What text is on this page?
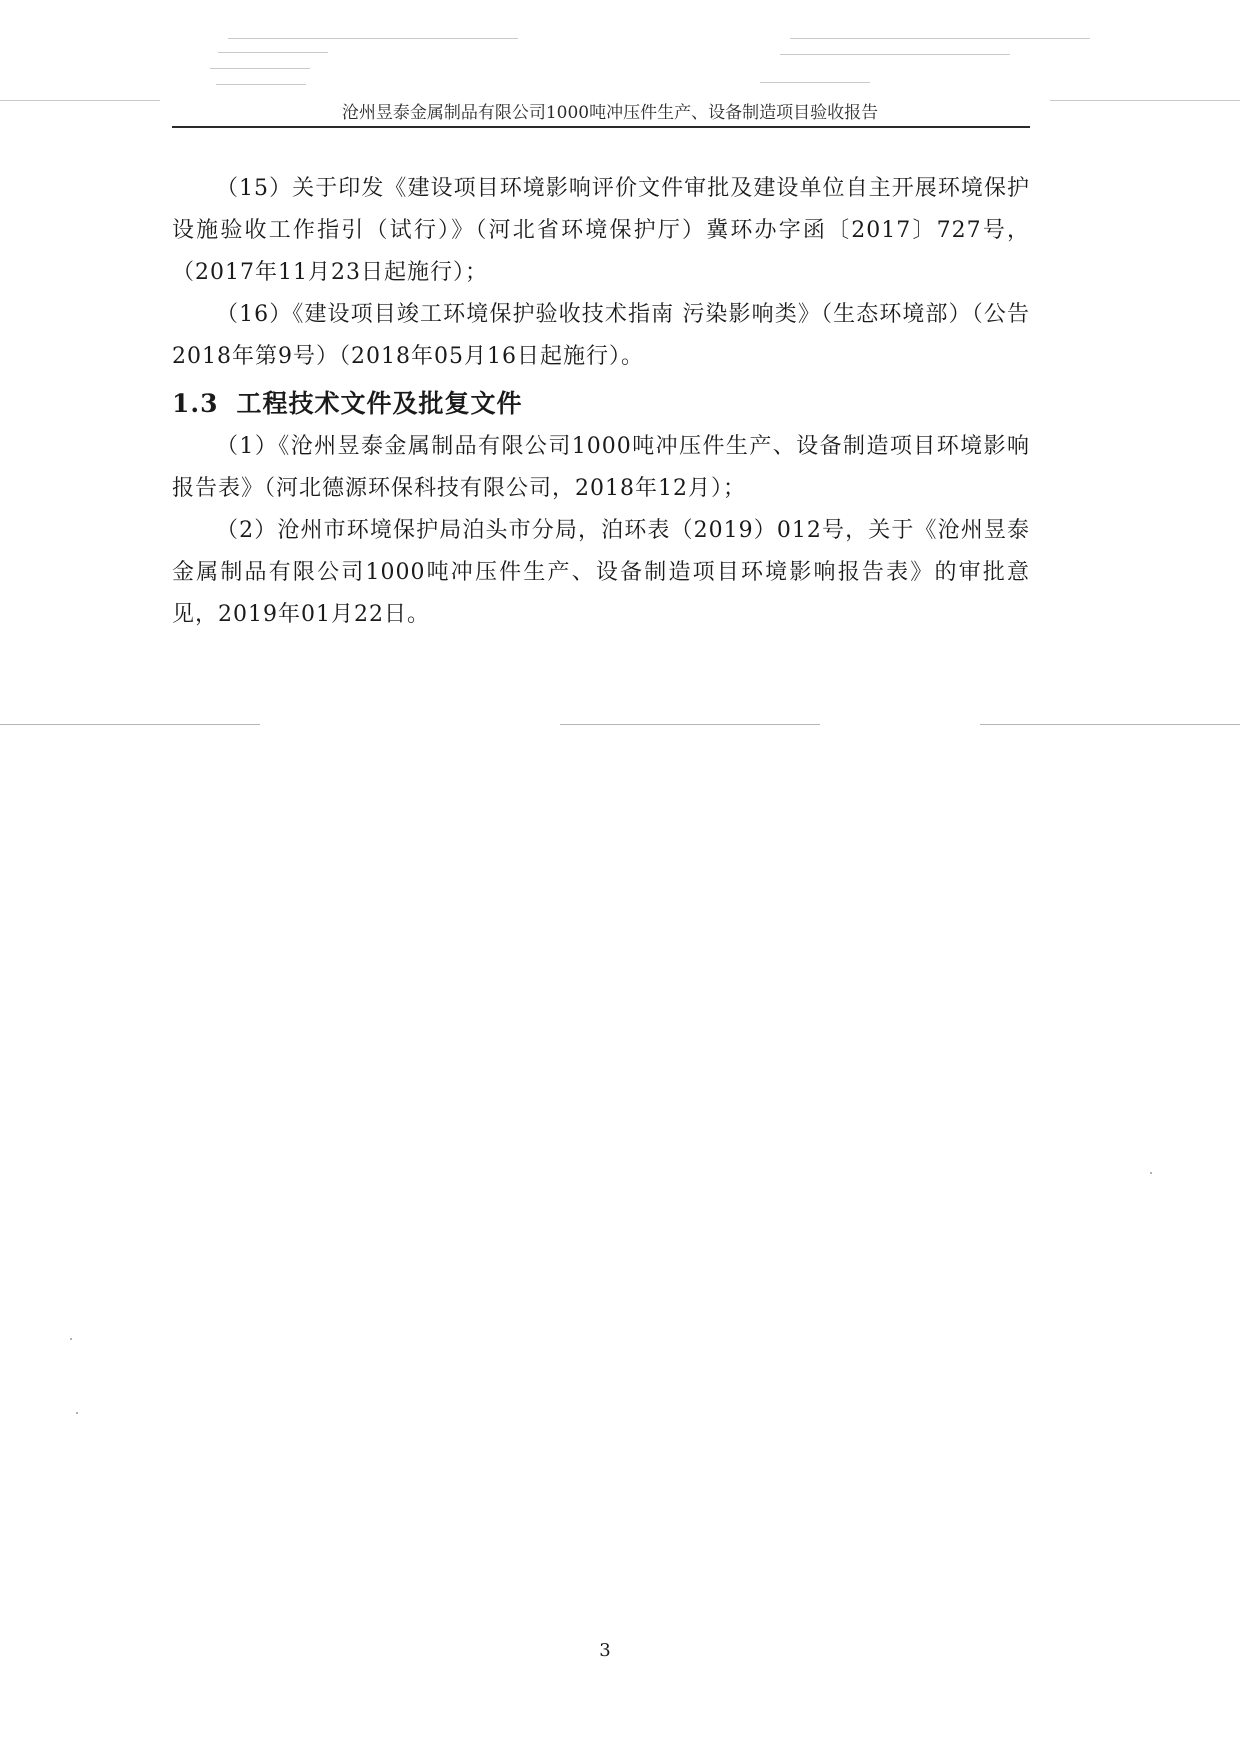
沧州昱泰金属制品有限公司1000吨冲压件生产、设备制造项目验收报告

（15）关于印发《建设项目环境影响评价文件审批及建设单位自主开展环境保护设施验收工作指引（试行）》（河北省环境保护厅）冀环办字函〔2017〕727号，（2017年11月23日起施行）；

（16）《建设项目竣工环境保护验收技术指南 污染影响类》（生态环境部）（公告2018年第9号）（2018年05月16日起施行）。

1.3 工程技术文件及批复文件

（1）《沧州昱泰金属制品有限公司1000吨冲压件生产、设备制造项目环境影响报告表》（河北德源环保科技有限公司，2018年12月）；

（2）沧州市环境保护局泊头市分局，泊环表（2019）012号，关于《沧州昱泰金属制品有限公司1000吨冲压件生产、设备制造项目环境影响报告表》的审批意见，2019年01月22日。

3
